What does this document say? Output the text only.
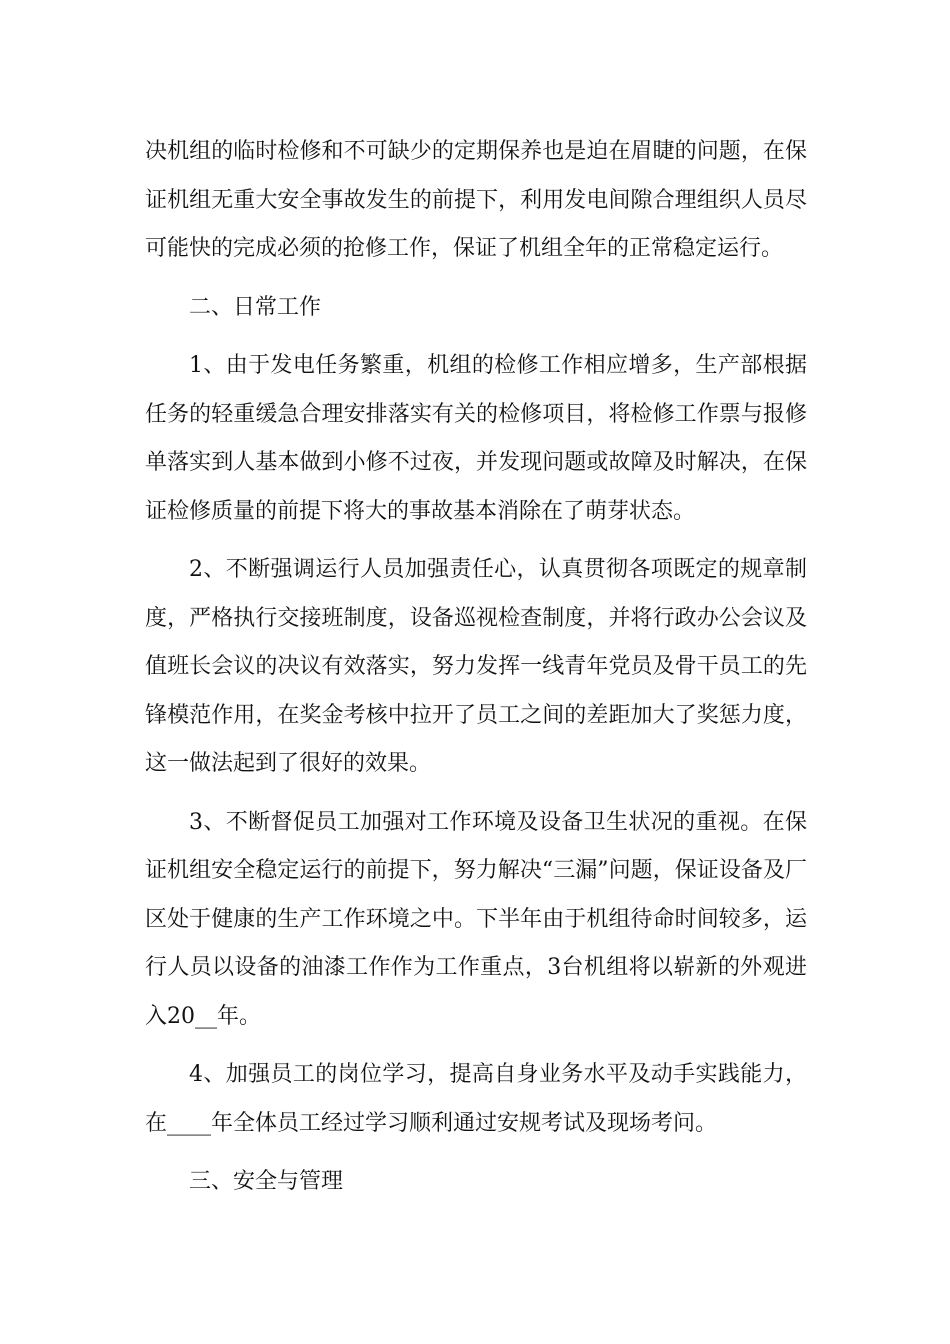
决机组的临时检修和不可缺少的定期保养也是迫在眉睫的问题，在保证机组无重大安全事故发生的前提下，利用发电间隙合理组织人员尽可能快的完成必须的抢修工作，保证了机组全年的正常稳定运行。

二、日常工作

1、由于发电任务繁重，机组的检修工作相应增多，生产部根据任务的轻重缓急合理安排落实有关的检修项目，将检修工作票与报修单落实到人基本做到小修不过夜，并发现问题或故障及时解决，在保证检修质量的前提下将大的事故基本消除在了萌芽状态。

2、不断强调运行人员加强责任心，认真贯彻各项既定的规章制度，严格执行交接班制度，设备巡视检查制度，并将行政办公会议及值班长会议的决议有效落实，努力发挥一线青年党员及骨干员工的先锋模范作用，在奖金考核中拉开了员工之间的差距加大了奖惩力度，这一做法起到了很好的效果。

3、不断督促员工加强对工作环境及设备卫生状况的重视。在保证机组安全稳定运行的前提下，努力解决“三漏”问题，保证设备及厂区处于健康的生产工作环境之中。下半年由于机组待命时间较多，运行人员以设备的油漆工作作为工作重点，3台机组将以崭新的外观进入20__年。

4、加强员工的岗位学习，提高自身业务水平及动手实践能力，在____年全体员工经过学习顺利通过安规考试及现场考问。

三、安全与管理
